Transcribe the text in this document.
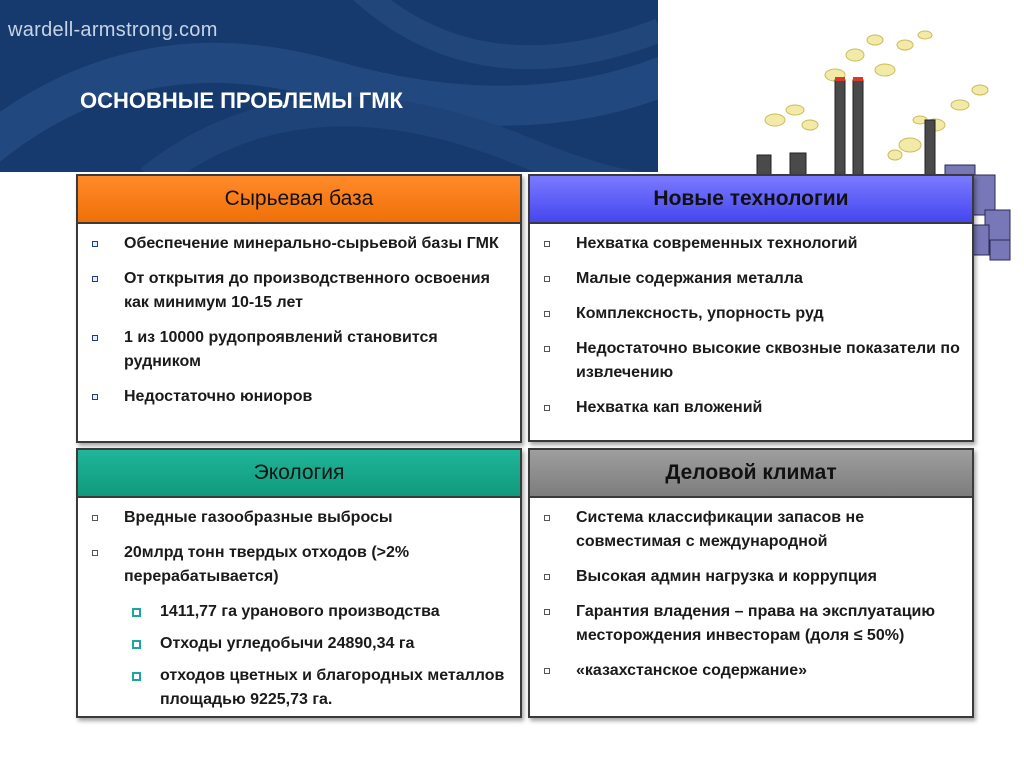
wardell-armstrong.com
ОСНОВНЫЕ ПРОБЛЕМЫ ГМК
Сырьевая база
Обеспечение минерально-сырьевой базы ГМК
От открытия до производственного освоения как минимум 10-15 лет
1 из 10000 рудопроявлений становится рудником
Недостаточно юниоров
Новые технологии
Нехватка современных технологий
Малые содержания металла
Комплексность, упорность руд
Недостаточно высокие сквозные показатели по извлечению
Нехватка кап вложений
Экология
Вредные газообразные выбросы
20млрд тонн твердых отходов (>2% перерабатывается)
1411,77 га уранового производства
Отходы угледобычи 24890,34 га
отходов цветных и благородных металлов площадью 9225,73 га.
Деловой климат
Система классификации запасов не совместимая с международной
Высокая админ нагрузка и коррупция
Гарантия владения – права на эксплуатацию месторождения инвесторам (доля ≤ 50%)
«казахстанское содержание»
